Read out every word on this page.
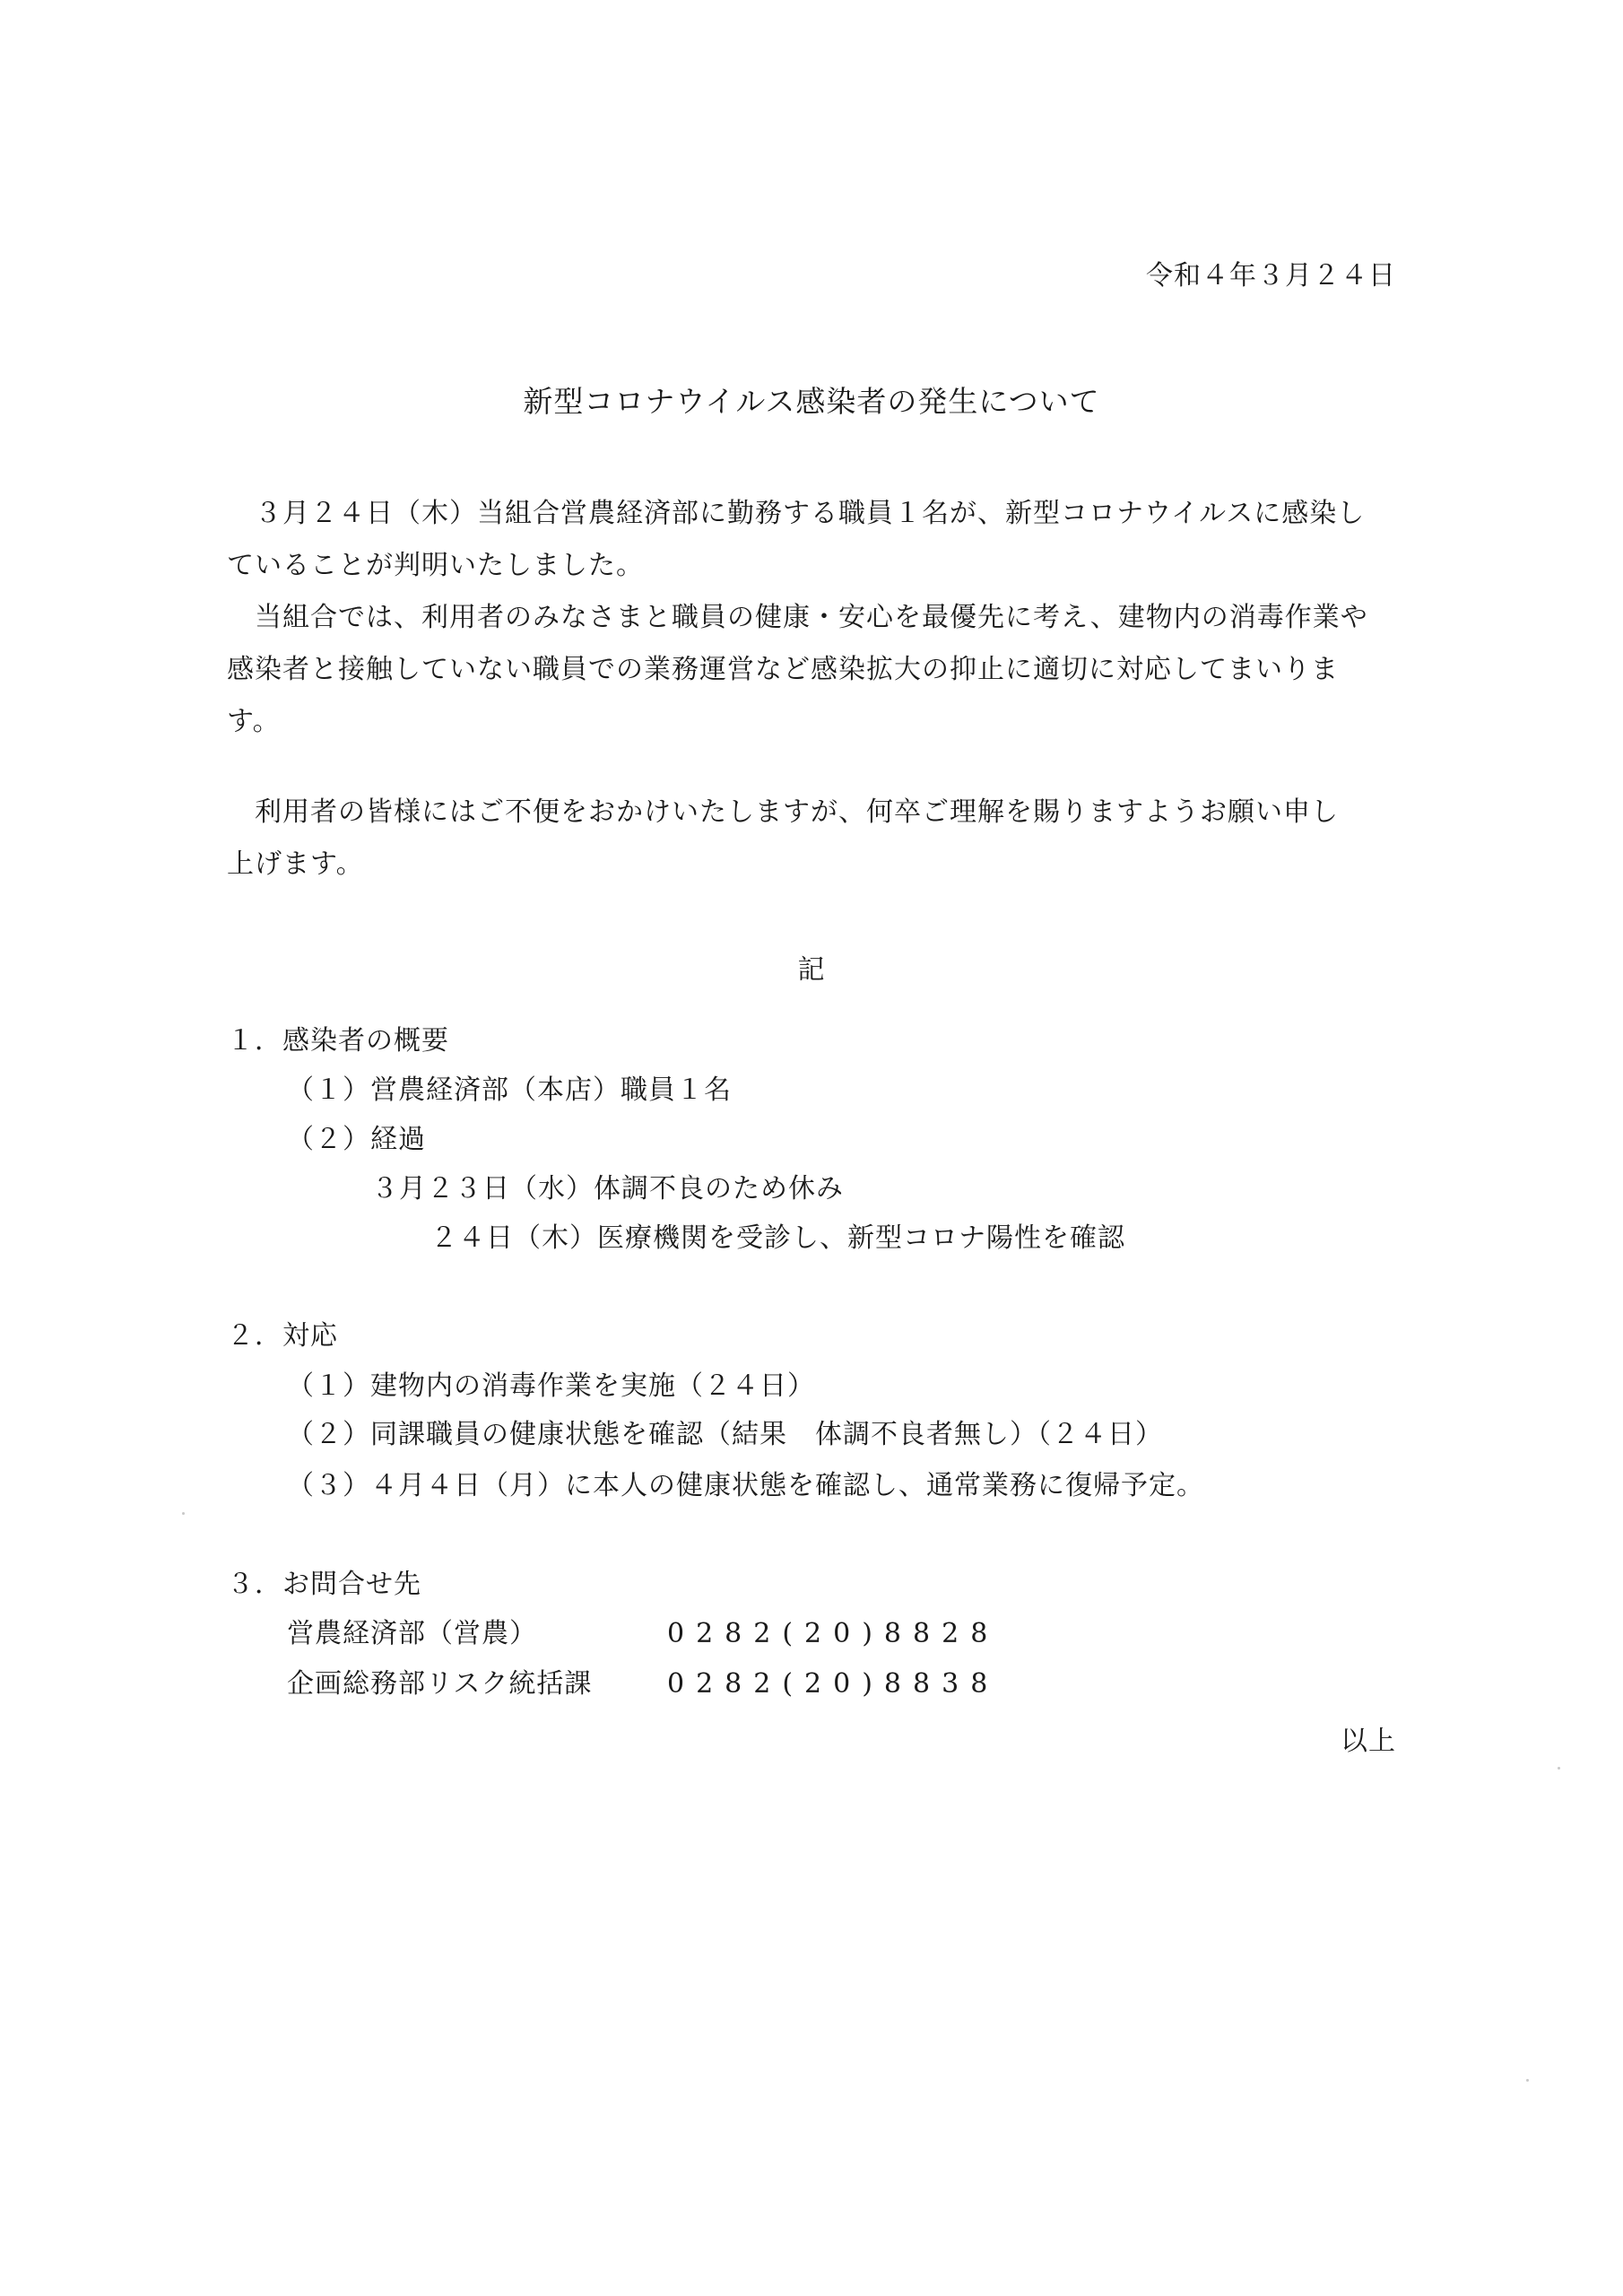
令和４年３月２４日
新型コロナウイルス感染者の発生について
３月２４日（木）当組合営農経済部に勤務する職員１名が、新型コロナウイルスに感染し
ていることが判明いたしました。
当組合では、利用者のみなさまと職員の健康・安心を最優先に考え、建物内の消毒作業や
感染者と接触していない職員での業務運営など感染拡大の抑止に適切に対応してまいりま
す。
利用者の皆様にはご不便をおかけいたしますが、何卒ご理解を賜りますようお願い申し
上げます。
記
１．感染者の概要
（１）営農経済部（本店）職員１名
（２）経過
３月２３日（水）体調不良のため休み
２４日（木）医療機関を受診し、新型コロナ陽性を確認
２．対応
（１）建物内の消毒作業を実施（２４日）
（２）同課職員の健康状態を確認（結果　体調不良者無し）（２４日）
（３）４月４日（月）に本人の健康状態を確認し、通常業務に復帰予定。
３．お問合せ先
営農経済部（営農）	0282(20)8828
企画総務部リスク統括課	0282(20)8838
以上
